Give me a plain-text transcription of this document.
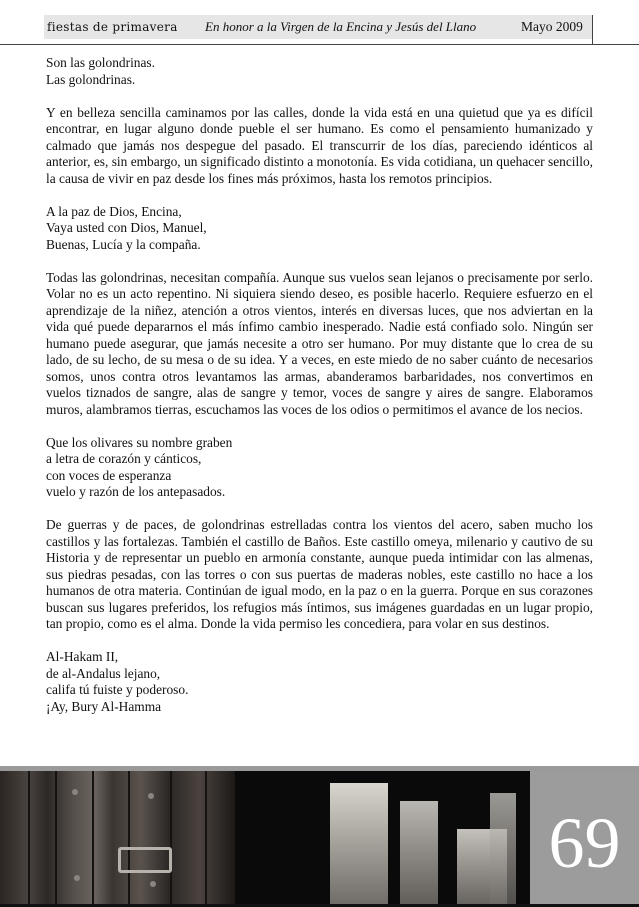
fiestas de primavera	En honor a la Virgen de la Encina y Jesús del Llano	Mayo 2009
Son las golondrinas.
Las golondrinas.

Y en belleza sencilla caminamos por las calles, donde la vida está en una quietud que ya es difícil encontrar, en lugar alguno donde pueble el ser humano. Es como el pensamiento humanizado y calmado que jamás nos despegue del pasado. El transcurrir de los días, pareciendo idénticos al anterior, es, sin embargo, un significado distinto a monotonía. Es vida cotidiana, un quehacer sencillo, la causa de vivir en paz desde los fines más próximos, hasta los remotos principios.

A la paz de Dios, Encina,
Vaya usted con Dios, Manuel,
Buenas, Lucía y la compaña.

Todas las golondrinas, necesitan compañía. Aunque sus vuelos sean lejanos o precisamente por serlo. Volar no es un acto repentino. Ni siquiera siendo deseo, es posible hacerlo. Requiere esfuerzo en el aprendizaje de la niñez, atención a otros vientos, interés en diversas luces, que nos adviertan en la vida qué puede depararnos el más ínfimo cambio inesperado. Nadie está confiado solo. Ningún ser humano puede asegurar, que jamás necesite a otro ser humano. Por muy distante que lo crea de su lado, de su lecho, de su mesa o de su idea. Y a veces, en este miedo de no saber cuánto de necesarios somos, unos contra otros levantamos las armas, abanderamos barbaridades, nos convertimos en vuelos tiznados de sangre, alas de sangre y temor, voces de sangre y aires de sangre. Elaboramos muros, alambramos tierras, escuchamos las voces de los odios o permitimos el avance de los necios.

Que los olivares su nombre graben
a letra de corazón y cánticos,
con voces de esperanza
vuelo y razón de los antepasados.

De guerras y de paces, de golondrinas estrelladas contra los vientos del acero, saben mucho los castillos y las fortalezas. También el castillo de Baños. Este castillo omeya, milenario y cautivo de su Historia y de representar un pueblo en armonía constante, aunque pueda intimidar con las almenas, sus piedras pesadas, con las torres o con sus puertas de maderas nobles, este castillo no hace a los humanos de otra materia. Continúan de igual modo, en la paz o en la guerra. Porque en sus corazones buscan sus lugares preferidos, los refugios más íntimos, sus imágenes guardadas en un lugar propio, tan propio, como es el alma. Donde la vida permiso les concediera, para volar en sus destinos.

Al-Hakam II,
de al-Andalus lejano,
califa tú fuiste y poderoso.
¡Ay, Bury Al-Hamma
69
